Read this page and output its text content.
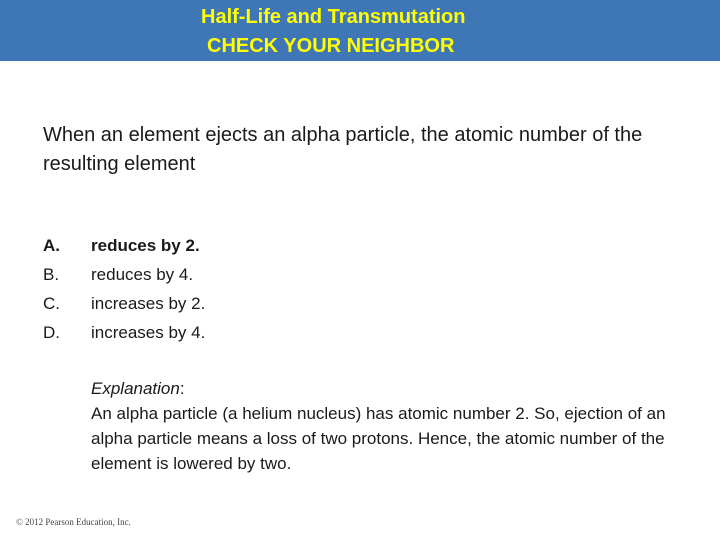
Half-Life and Transmutation
CHECK YOUR NEIGHBOR
When an element ejects an alpha particle, the atomic number of the resulting element
A.	reduces by 2.
B.	reduces by 4.
C.	increases by 2.
D.	increases by 4.
Explanation:
An alpha particle (a helium nucleus) has atomic number 2. So, ejection of an alpha particle means a loss of two protons. Hence, the atomic number of the element is lowered by two.
© 2012 Pearson Education, Inc.
